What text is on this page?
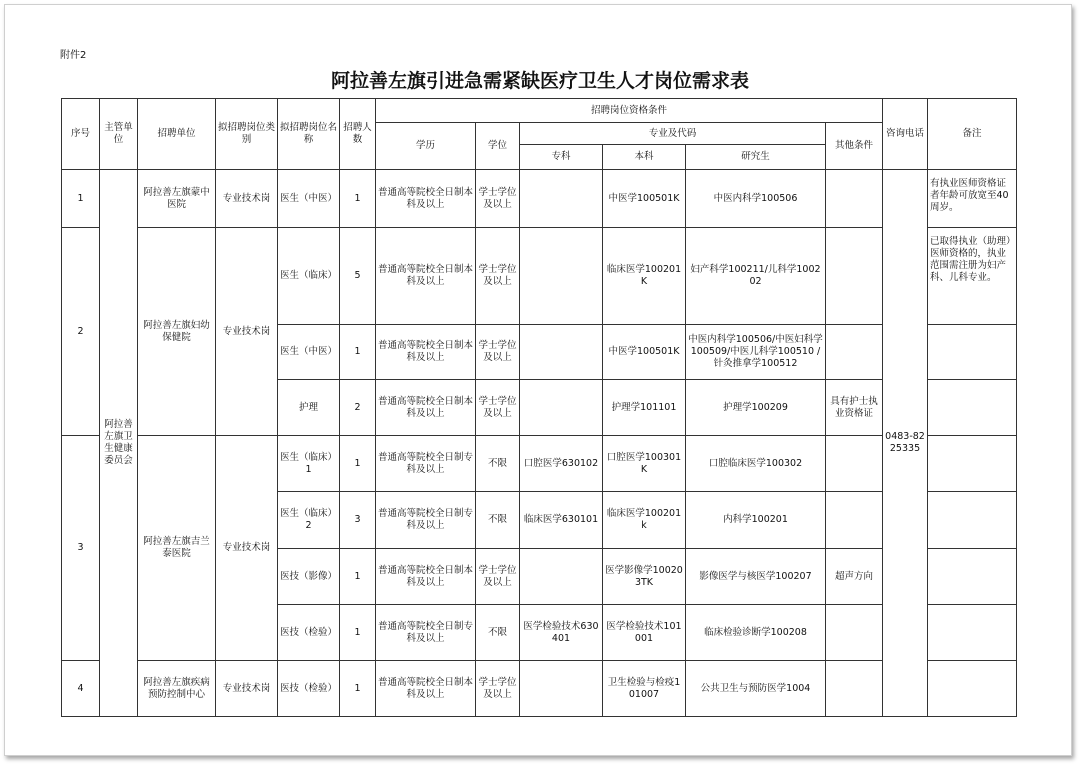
附件2
阿拉善左旗引进急需紧缺医疗卫生人才岗位需求表
序号	主管单位	招聘单位	拟招聘岗位类别	拟招聘岗位名称	招聘人数	招聘岗位资格条件						咨询电话	备注
						学历	学位	专业及代码			其他条件		
								专科	本科	研究生			
1	阿拉善左旗卫生健康委员会	阿拉善左旗蒙中医院	专业技术岗	医生（中医）	1	普通高等院校全日制本科及以上	学士学位及以上		中医学100501K	中医内科学100506		0483-8225335	有执业医师资格证者年龄可放宽至40周岁。
2		阿拉善左旗妇幼保健院	专业技术岗	医生（临床）	5	普通高等院校全日制本科及以上	学士学位及以上		临床医学100201K	妇产科学100211/儿科学100202			已取得执业（助理）医师资格的，执业范围需注册为妇产科、儿科专业。
				医生（中医）	1	普通高等院校全日制本科及以上	学士学位及以上		中医学100501K	中医内科学100506/中医妇科学100509/中医儿科学100510 /针灸推拿学100512			
				护理	2	普通高等院校全日制本科及以上	学士学位及以上		护理学101101	护理学100209	具有护士执业资格证		
3		阿拉善左旗吉兰泰医院	专业技术岗	医生（临床）1	1	普通高等院校全日制专科及以上	不限	口腔医学630102	口腔医学100301K	口腔临床医学100302			
				医生（临床）2	3	普通高等院校全日制专科及以上	不限	临床医学630101	临床医学100201k	内科学100201			
				医技（影像）	1	普通高等院校全日制本科及以上	学士学位及以上		医学影像学100203TK	影像医学与核医学100207	超声方向		
				医技（检验）	1	普通高等院校全日制专科及以上	不限	医学检验技术630401	医学检验技术101001	临床检验诊断学100208			
4		阿拉善左旗疾病预防控制中心	专业技术岗	医技（检验）	1	普通高等院校全日制本科及以上	学士学位及以上		卫生检验与检疫101007	公共卫生与预防医学1004			
